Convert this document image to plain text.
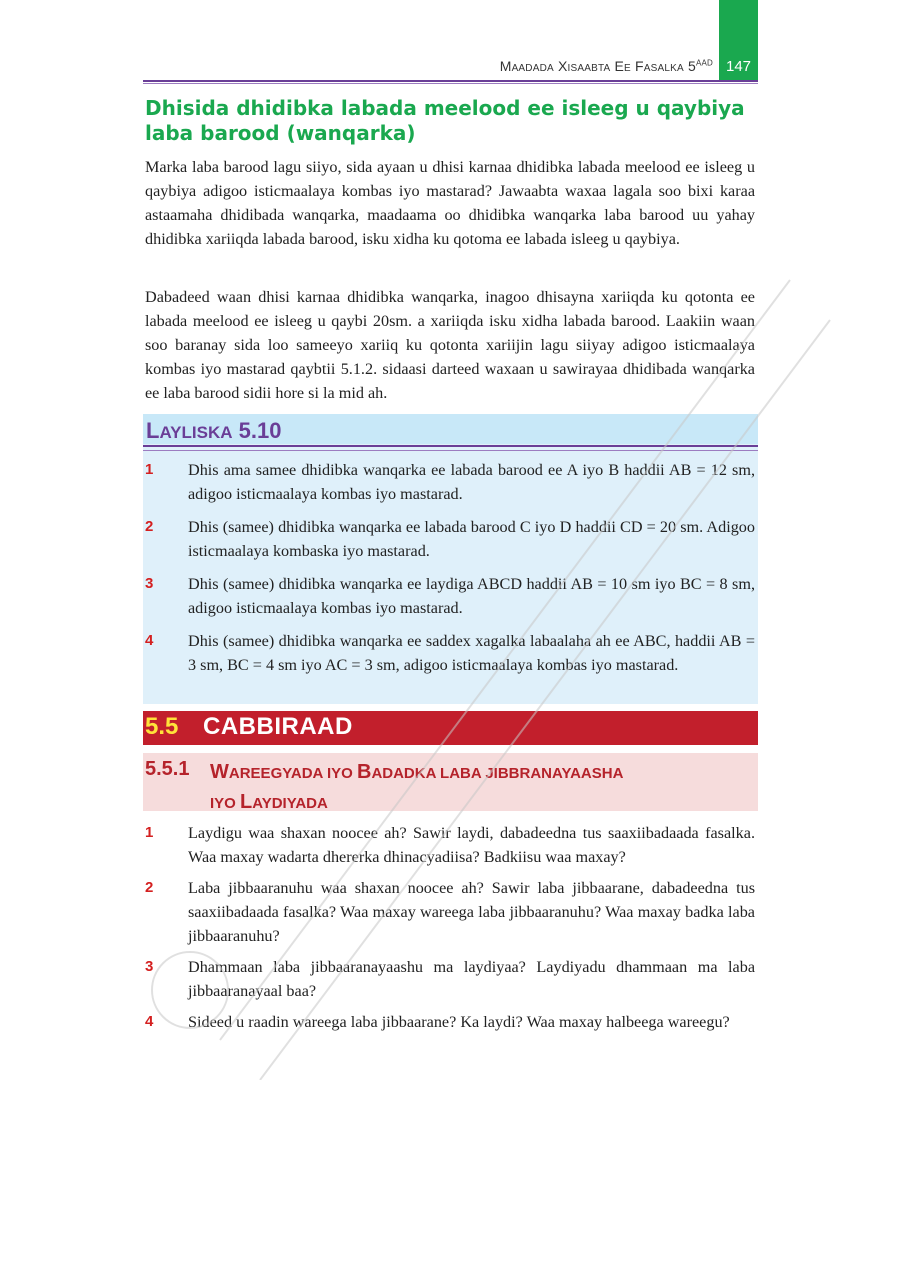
147
Maadada Xisaabta Ee Fasalka $5^{AAD}$
Dhisida dhidibka labada meelood ee isleeg u qaybiya
laba barood (wanqarka)
Marka laba barood lagu siiyo, sida ayaan u dhisi karnaa dhidibka labada meelood ee isleeg u qaybiya adigoo isticmaalaya kombas iyo mastarad? Jawaabta waxaa lagala soo bixi karaa astaamaha dhidibada wanqarka, maadaama oo dhidibka wanqarka laba barood uu yahay dhidibka xariiqda labada barood, isku xidha ku qotoma ee labada isleeg u qaybiya.
Dabadeed waan dhisi karnaa dhidibka wanqarka, inagoo dhisayna xariiqda ku qotonta ee labada meelood ee isleeg u qaybi 20sm. a xariiqda isku xidha labada barood. Laakiin waan soo baranay sida loo sameeyo xariiq ku qotonta xariijin lagu siiyay adigoo isticmaalaya kombas iyo mastarad qaybtii 5.1.2. sidaasi darteed waxaan u sawirayaa dhidibada wanqarka ee laba barood sidii hore si la mid ah.
LAYLISKA 5.10
1	Dhis ama samee dhidibka wanqarka ee labada barood ee A iyo B haddii AB = 12 sm, adigoo isticmaalaya kombas iyo mastarad.
2	Dhis (samee) dhidibka wanqarka ee labada barood C iyo D haddii CD = 20 sm. Adigoo isticmaalaya kombaska iyo mastarad.
3	Dhis (samee) dhidibka wanqarka ee laydiga ABCD haddii AB = 10 sm iyo BC = 8 sm, adigoo isticmaalaya kombas iyo mastarad.
4	Dhis (samee) dhidibka wanqarka ee saddex xagalka labaalaha ah ee ABC, haddii AB = 3 sm, BC = 4 sm iyo AC = 3 sm, adigoo isticmaalaya kombas iyo mastarad.
5.5 CABBIRAAD
5.5.1 WAREEGYADA IYO BADADKA LABA JIBBRANAYAASHA
IYO LAYDIYADA
1	Laydigu waa shaxan noocee ah? Sawir laydi, dabadeedna tus saaxiibadaada fasalka. Waa maxay wadarta dhererka dhinacyadiisa? Badkiisu waa maxay?
2	Laba jibbaaranuhu waa shaxan noocee ah? Sawir laba jibbaarane, dabadeedna tus saaxiibadaada fasalka? Waa maxay wareega laba jibbaaranuhu? Waa maxay badka laba jibbaaranuhu?
3	Dhammaan laba jibbaaranayaashu ma laydiyaa? Laydiyadu dhammaan ma laba jibbaaranayaal baa?
4	Sideed u raadin wareega laba jibbaarane? Ka laydi? Waa maxay halbeega wareegu?
